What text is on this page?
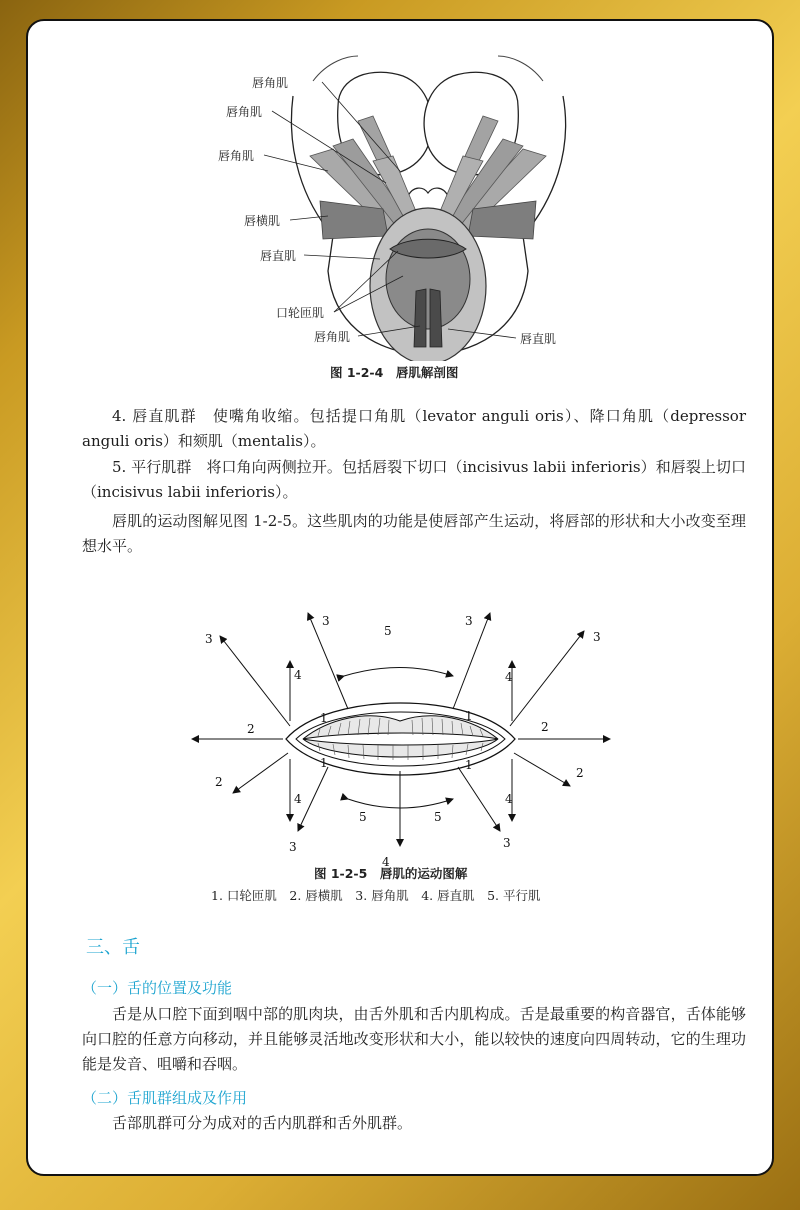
唇角肌
唇角肌
唇角肌
唇横肌
唇直肌
口轮匝肌
唇角肌	唇直肌
图 1-2-4　唇肌解剖图

4. 唇直肌群　使嘴角收缩。包括提口角肌（levator anguli oris）、降口角肌（depressor anguli oris）和颏肌（mentalis）。

5. 平行肌群　将口角向两侧拉开。包括唇裂下切口（incisivus labii inferioris）和唇裂上切口（incisivus labii inferioris）。

唇肌的运动图解见图 1-2-5。这些肌肉的功能是使唇部产生运动，将唇部的形状和大小改变至理想水平。

3
3
5
3
3
4	4
1	1
2	2
1	1
2
2
4	4
5	5
3	3
4
图 1-2-5　唇肌的运动图解
1. 口轮匝肌　2. 唇横肌　3. 唇角肌　4. 唇直肌　5. 平行肌
三、舌
（一）舌的位置及功能

舌是从口腔下面到咽中部的肌肉块，由舌外肌和舌内肌构成。舌是最重要的构音器官，舌体能够向口腔的任意方向移动，并且能够灵活地改变形状和大小，能以较快的速度向四周转动，它的生理功能是发音、咀嚼和吞咽。

（二）舌肌群组成及作用

舌部肌群可分为成对的舌内肌群和舌外肌群。
